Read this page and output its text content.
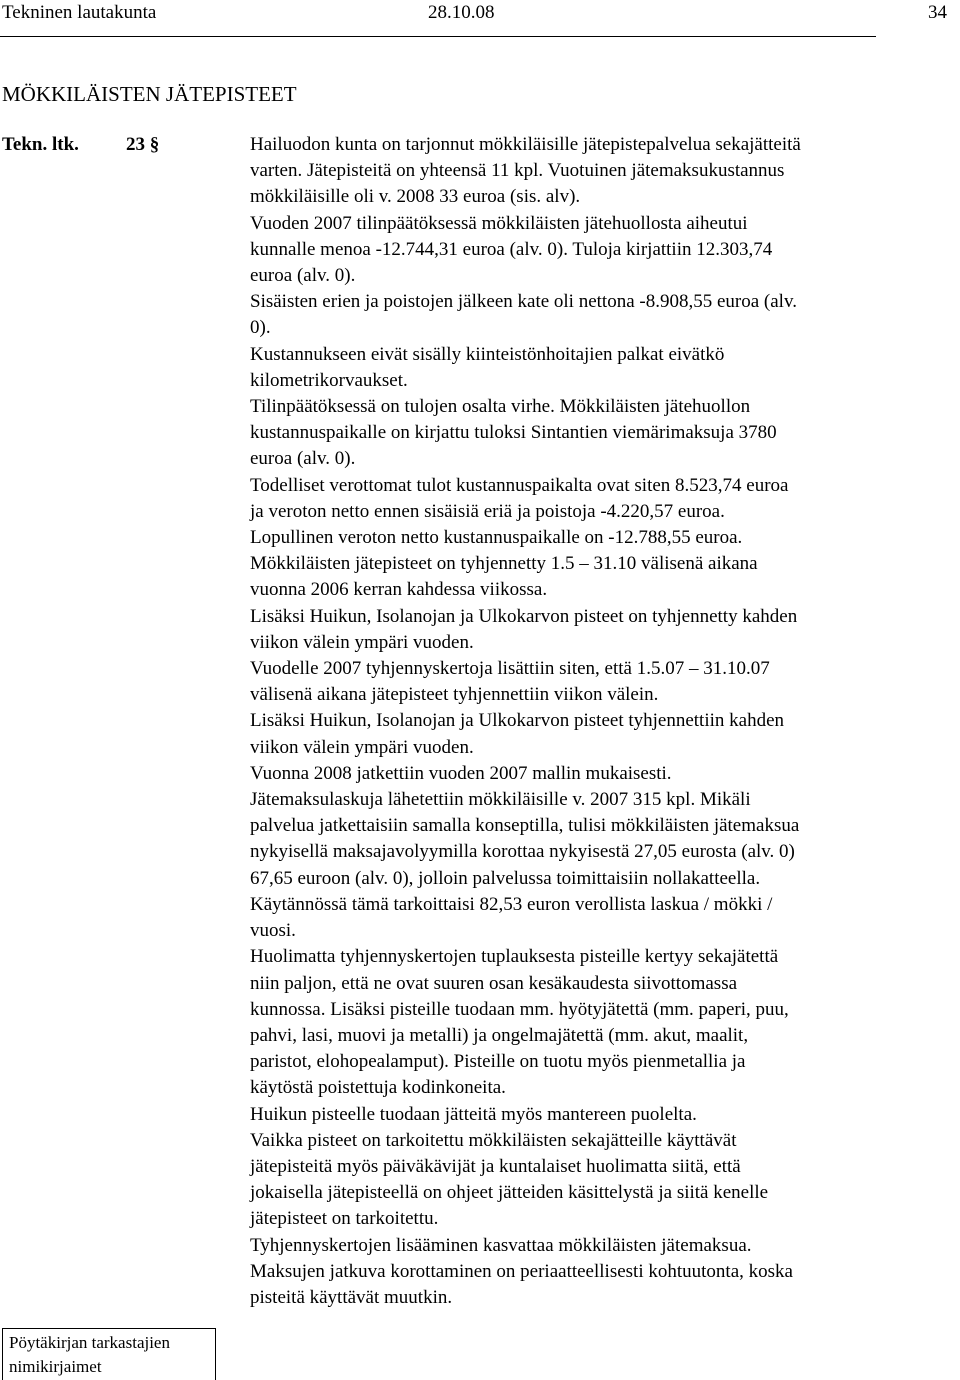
Tekninen lautakunta	28.10.08	34
MÖKKILÄISTEN JÄTEPISTEET
Tekn. ltk. 23 §	Hailuodon kunta on tarjonnut mökkiläisille jätepistepalvelua sekajätteitä
varten. Jätepisteitä on yhteensä 11 kpl. Vuotuinen jätemaksukustannus
mökkiläisille oli v. 2008 33 euroa (sis. alv).
Vuoden 2007 tilinpäätöksessä mökkiläisten jätehuollosta aiheutui
kunnalle menoa -12.744,31 euroa (alv. 0). Tuloja kirjattiin 12.303,74
euroa (alv. 0).

Sisäisten erien ja poistojen jälkeen kate oli nettona -8.908,55 euroa (alv.
0).

Kustannukseen eivät sisälly kiinteistönhoitajien palkat eivätkö
kilometrikorvaukset.

Tilinpäätöksessä on tulojen osalta virhe. Mökkiläisten jätehuollon
kustannuspaikalle on kirjattu tuloksi Sintantien viemärimaksuja 3780
euroa (alv. 0).

Todelliset verottomat tulot kustannuspaikalta ovat siten 8.523,74 euroa
ja veroton netto ennen sisäisiä eriä ja poistoja -4.220,57 euroa.

Lopullinen veroton netto kustannuspaikalle on -12.788,55 euroa.

Mökkiläisten jätepisteet on tyhjennetty 1.5 – 31.10 välisenä aikana
vuonna 2006 kerran kahdessa viikossa.

Lisäksi Huikun, Isolanojan ja Ulkokarvon pisteet on tyhjennetty kahden
viikon välein ympäri vuoden.

Vuodelle 2007 tyhjennyskertoja lisättiin siten, että 1.5.07 – 31.10.07
välisenä aikana jätepisteet tyhjennettiin viikon välein.

Lisäksi Huikun, Isolanojan ja Ulkokarvon pisteet tyhjennettiin kahden
viikon välein ympäri vuoden.

Vuonna 2008 jatkettiin vuoden 2007 mallin mukaisesti.

Jätemaksulaskuja lähetettiin mökkiläisille v. 2007 315 kpl. Mikäli
palvelua jatkettaisiin samalla konseptilla, tulisi mökkiläisten jätemaksua
nykyisellä maksajavolyymilla korottaa nykyisestä 27,05 eurosta (alv. 0)
67,65 euroon (alv. 0), jolloin palvelussa toimittaisiin nollakatteella.

Käytännössä tämä tarkoittaisi 82,53 euron verollista laskua / mökki /
vuosi.

Huolimatta tyhjennyskertojen tuplauksesta pisteille kertyy sekajätettä
niin paljon, että ne ovat suuren osan kesäkaudesta siivottomassa
kunnossa. Lisäksi pisteille tuodaan mm. hyötyjätettä (mm. paperi, puu,
pahvi, lasi, muovi ja metalli) ja ongelmajätettä (mm. akut, maalit,
paristot, elohopealamput). Pisteille on tuotu myös pienmetallia ja
käytöstä poistettuja kodinkoneita.

Huikun pisteelle tuodaan jätteitä myös mantereen puolelta.

Vaikka pisteet on tarkoitettu mökkiläisten sekajätteille käyttävät
jätepisteitä myös päiväkävijät ja kuntalaiset huolimatta siitä, että
jokaisella jätepisteellä on ohjeet jätteiden käsittelystä ja siitä kenelle
jätepisteet on tarkoitettu.

Tyhjennyskertojen lisääminen kasvattaa mökkiläisten jätemaksua.

Maksujen jatkuva korottaminen on periaatteellisesti kohtuutonta, koska
pisteitä käyttävät muutkin.

Pöytäkirjan tarkastajien
nimikirjaimet
